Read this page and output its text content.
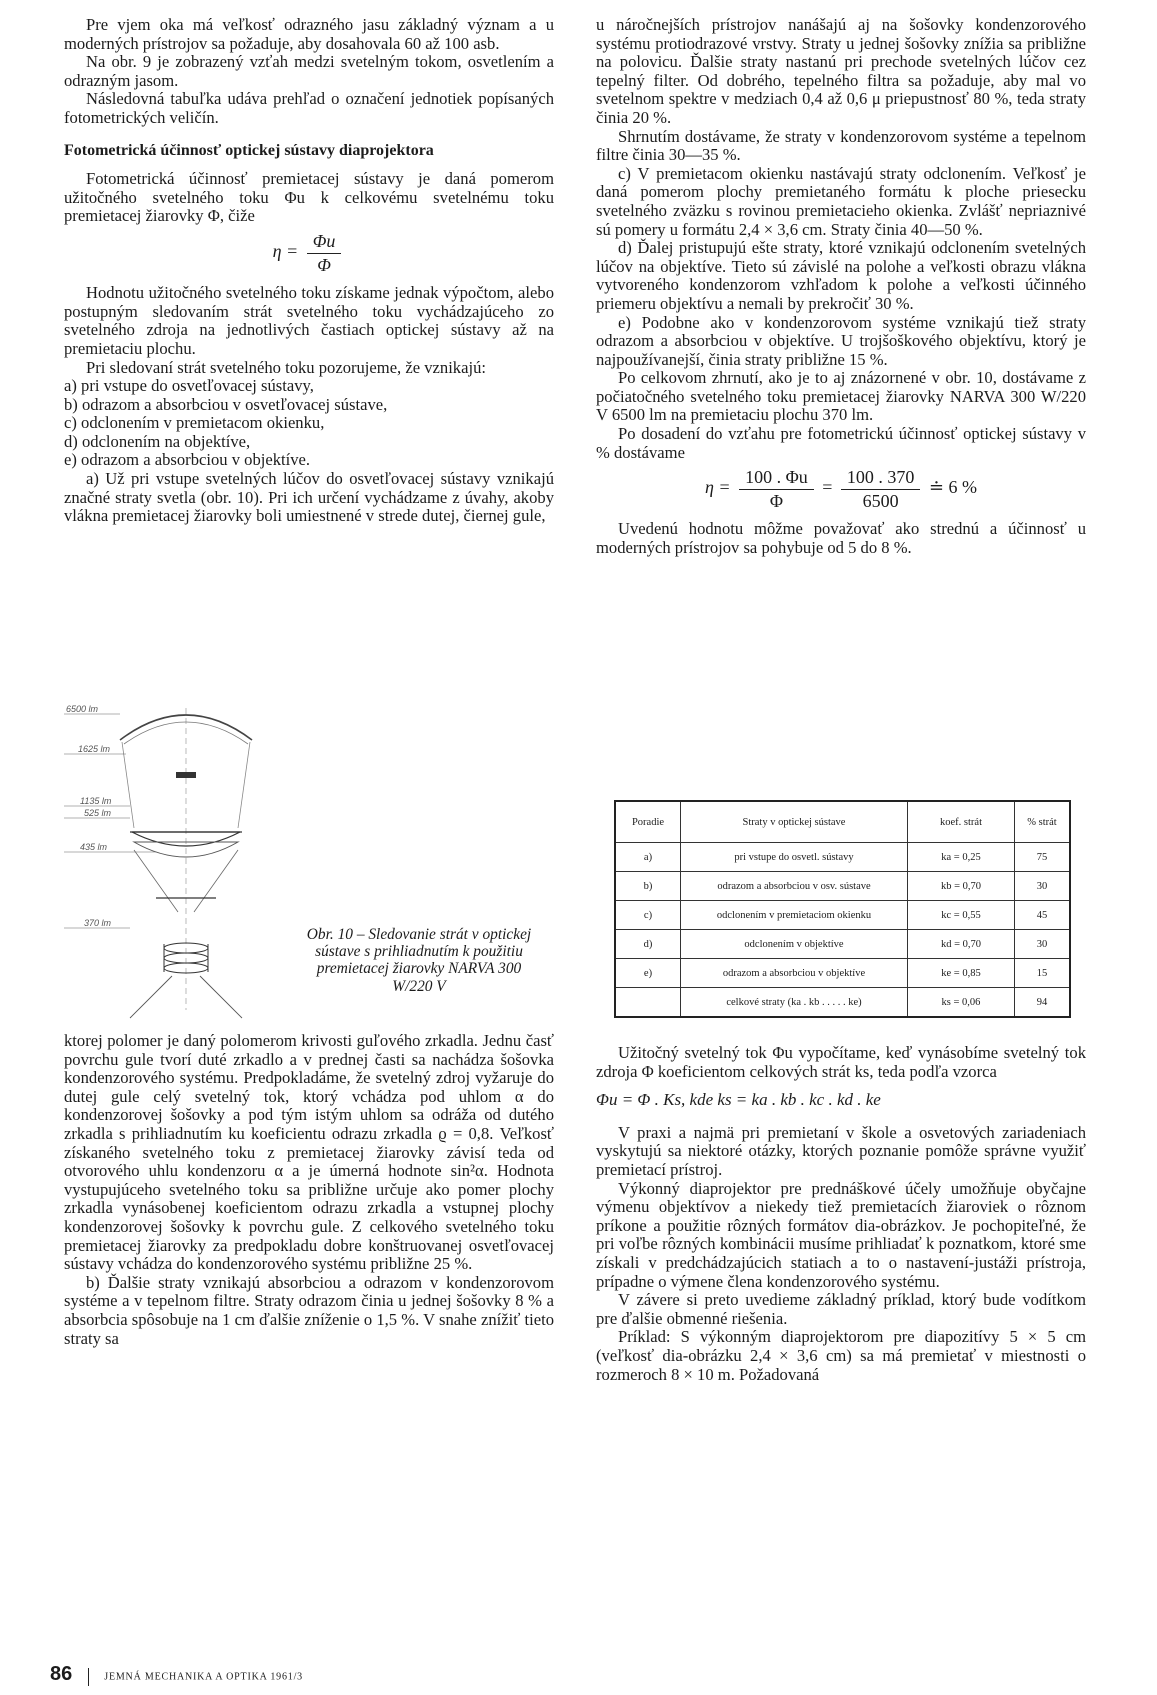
Pre vjem oka má veľkosť odrazného jasu základný význam a u moderných prístrojov sa požaduje, aby dosahovala 60 až 100 asb.

Na obr. 9 je zobrazený vzťah medzi svetelným tokom, osvetlením a odrazným jasom.

Následovná tabuľka udáva prehľad o označení jednotiek popísaných fotometrických veličín.

Fotometrická účinnosť optickej sústavy diaprojektora

Fotometrická účinnosť premietacej sústavy je daná pomerom užitočného svetelného toku Φu k celkovému svetelnému toku premietacej žiarovky Φ, čiže

$\eta = \frac{\Phi u}{\Phi}$

Hodnotu užitočného svetelného toku získame jednak výpočtom, alebo postupným sledovaním strát svetelného toku vychádzajúceho zo svetelného zdroja na jednotlivých častiach optickej sústavy až na premietaciu plochu.

Pri sledovaní strát svetelného toku pozorujeme, že vznikajú:

a) pri vstupe do osvetľovacej sústavy,

b) odrazom a absorbciou v osvetľovacej sústave,

c) odclonením v premietacom okienku,

d) odclonením na objektíve,

e) odrazom a absorbciou v objektíve.

a) Už pri vstupe svetelných lúčov do osvetľovacej sústavy vznikajú značné straty svetla (obr. 10). Pri ich určení vychádzame z úvahy, akoby vlákna premietacej žiarovky boli umiestnené v strede dutej, čiernej gule,

6500 lm
1625 lm
1135 lm
525 lm
435 lm
370 lm
Obr. 10 – Sledovanie strát v optickej sústave s prihliadnutím k použitiu premietacej žiarovky NARVA 300 W/220 V

ktorej polomer je daný polomerom krivosti guľového zrkadla. Jednu časť povrchu gule tvorí duté zrkadlo a v prednej časti sa nachádza šošovka kondenzorového systému. Predpokladáme, že svetelný zdroj vyžaruje do dutej gule celý svetelný tok, ktorý vchádza pod uhlom α do kondenzorovej šošovky a pod tým istým uhlom sa odráža od dutého zrkadla s prihliadnutím ku koeficientu odrazu zrkadla ϱ = 0,8. Veľkosť získaného svetelného toku z premietacej žiarovky závisí teda od otvorového uhlu kondenzoru α a je úmerná hodnote sin²α. Hodnota vystupujúceho svetelného toku sa približne určuje ako pomer plochy zrkadla vynásobenej koeficientom odrazu zrkadla a vstupnej plochy kondenzorovej šošovky k povrchu gule. Z celkového svetelného toku premietacej žiarovky za predpokladu dobre konštruovanej osvetľovacej sústavy vchádza do kondenzorového systému približne 25 %.

b) Ďalšie straty vznikajú absorbciou a odrazom v kondenzorovom systéme a v tepelnom filtre. Straty odrazom činia u jednej šošovky 8 % a absorbcia spôsobuje na 1 cm ďalšie zníženie o 1,5 %. V snahe znížiť tieto straty sa

u náročnejších prístrojov nanášajú aj na šošovky kondenzorového systému protiodrazové vrstvy. Straty u jednej šošovky znížia sa približne na polovicu. Ďalšie straty nastanú pri prechode svetelných lúčov cez tepelný filter. Od dobrého, tepelného filtra sa požaduje, aby mal vo svetelnom spektre v medziach 0,4 až 0,6 μ priepustnosť 80 %, teda straty činia 20 %.

Shrnutím dostávame, že straty v kondenzorovom systéme a tepelnom filtre činia 30—35 %.

c) V premietacom okienku nastávajú straty odclonením. Veľkosť je daná pomerom plochy premietaného formátu k ploche priesecku svetelného zväzku s rovinou premietacieho okienka. Zvlášť nepriaznivé sú pomery u formátu 2,4 × 3,6 cm. Straty činia 40—50 %.

d) Ďalej pristupujú ešte straty, ktoré vznikajú odclonením svetelných lúčov na objektíve. Tieto sú závislé na polohe a veľkosti obrazu vlákna vytvoreného kondenzorom vzhľadom k polohe a veľkosti účinného priemeru objektívu a nemali by prekročiť 30 %.

e) Podobne ako v kondenzorovom systéme vznikajú tiež straty odrazom a absorbciou v objektíve. U trojšoškového objektívu, ktorý je najpoužívanejší, činia straty približne 15 %.

Po celkovom zhrnutí, ako je to aj znázornené v obr. 10, dostávame z počiatočného svetelného toku premietacej žiarovky NARVA 300 W/220 V 6500 lm na premietaciu plochu 370 lm.

Po dosadení do vzťahu pre fotometrickú účinnosť optickej sústavy v % dostávame

$\eta = \frac{100 . \Phi u}{\Phi} = \frac{100 . 370}{6500}$ ≐ 6 %

Uvedenú hodnotu môžme považovať ako strednú a účinnosť u moderných prístrojov sa pohybuje od 5 do 8 %.

Poradie	Straty v optickej sústave	koef. strát	% strát
a)	pri vstupe do osvetl. sústavy	ka = 0,25	75
b)	odrazom a absorbciou v osv. sústave	kb = 0,70	30
c)	odclonením v premietaciom okienku	kc = 0,55	45
d)	odclonením v objektíve	kd = 0,70	30
e)	odrazom a absorbciou v objektíve	ke = 0,85	15
	celkové straty (ka . kb . . . . . ke)	ks = 0,06	94

Užitočný svetelný tok Φu vypočítame, keď vynásobíme svetelný tok zdroja Φ koeficientom celkových strát ks, teda podľa vzorca

Φu = Φ . Ks, kde ks = ka . kb . kc . kd . ke

V praxi a najmä pri premietaní v škole a osvetových zariadeniach vyskytujú sa niektoré otázky, ktorých poznanie pomôže správne využiť premietací prístroj.

Výkonný diaprojektor pre prednáškové účely umožňuje obyčajne výmenu objektívov a niekedy tiež premietacích žiaroviek o rôznom príkone a použitie rôzných formátov dia-obrázkov. Je pochopiteľné, že pri voľbe rôzných kombinácii musíme prihliadať k poznatkom, ktoré sme získali v predchádzajúcich statiach a to o nastavení-justáži prístroja, prípadne o výmene člena kondenzorového systému.

V závere si preto uvedieme základný príklad, ktorý bude vodítkom pre ďalšie obmenné riešenia.

Príklad: S výkonným diaprojektorom pre diapozitívy 5 × 5 cm (veľkosť dia-obrázku 2,4 × 3,6 cm) sa má premietať v miestnosti o rozmeroch 8 × 10 m. Požadovaná

86	JEMNÁ MECHANIKA A OPTIKA 1961/3
